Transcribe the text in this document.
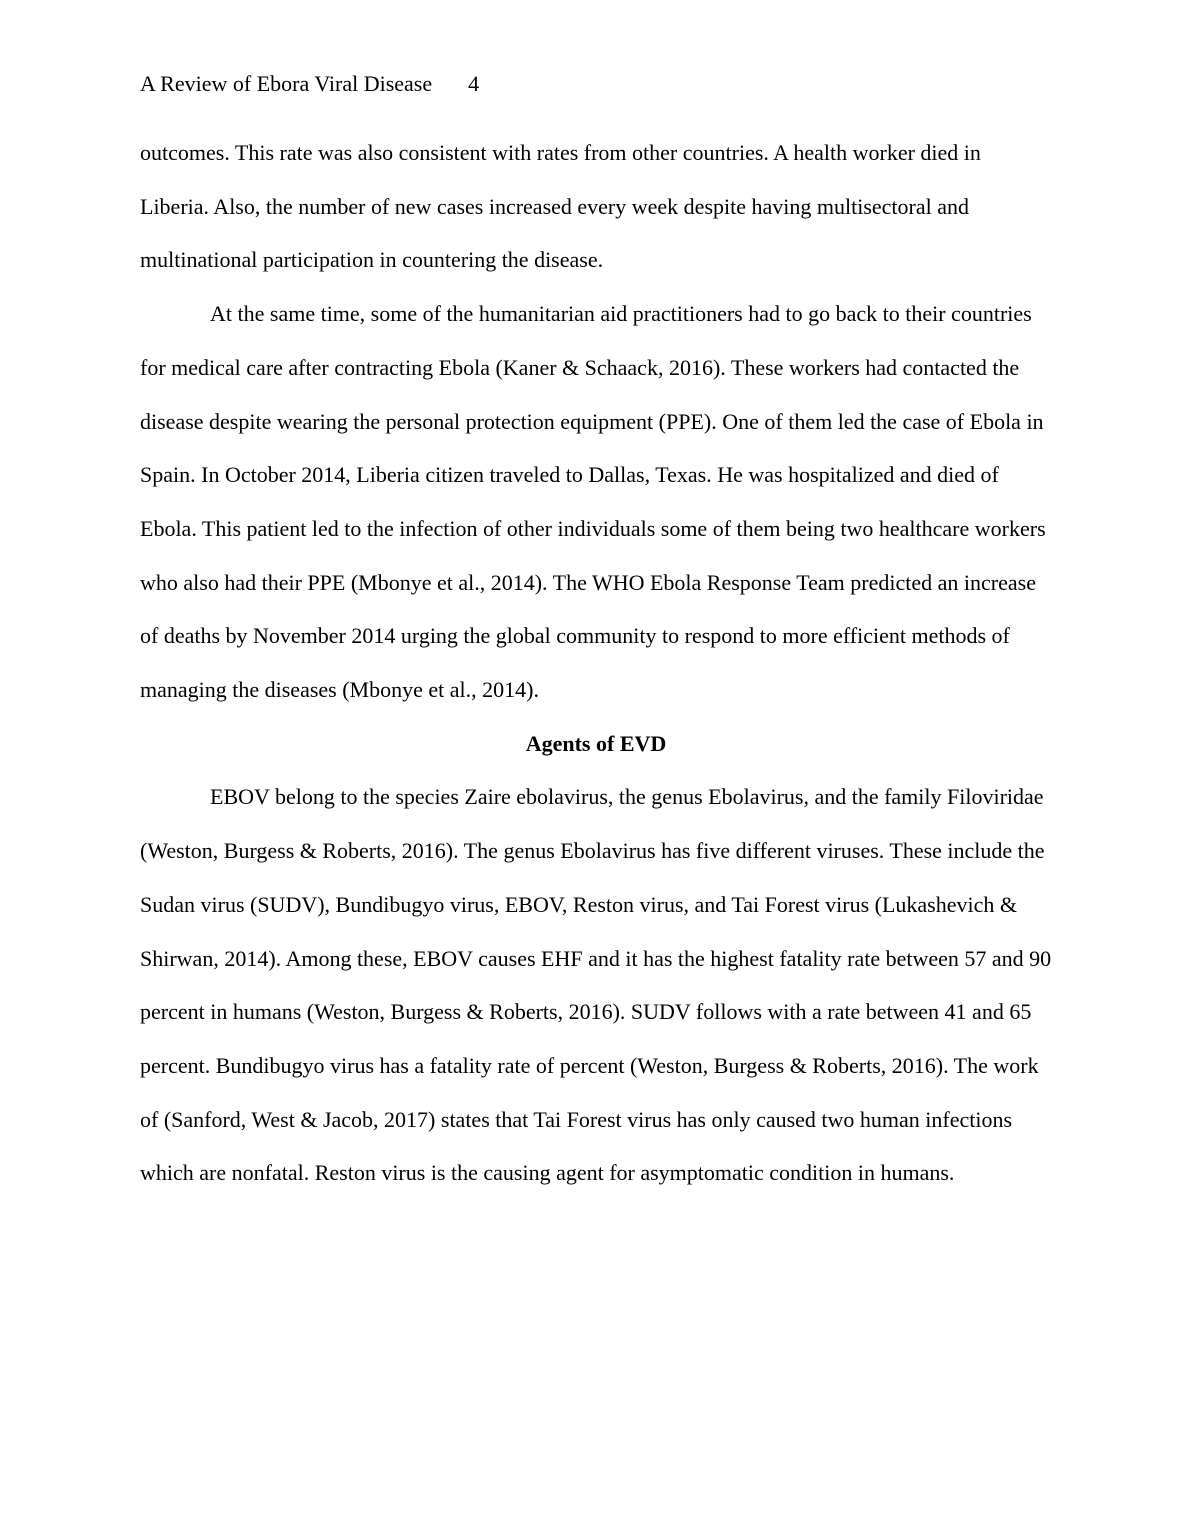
A Review of Ebora Viral Disease 4

outcomes. This rate was also consistent with rates from other countries. A health worker died in Liberia. Also, the number of new cases increased every week despite having multisectoral and multinational participation in countering the disease.

At the same time, some of the humanitarian aid practitioners had to go back to their countries for medical care after contracting Ebola (Kaner & Schaack, 2016). These workers had contacted the disease despite wearing the personal protection equipment (PPE). One of them led the case of Ebola in Spain. In October 2014, Liberia citizen traveled to Dallas, Texas. He was hospitalized and died of Ebola. This patient led to the infection of other individuals some of them being two healthcare workers who also had their PPE (Mbonye et al., 2014). The WHO Ebola Response Team predicted an increase of deaths by November 2014 urging the global community to respond to more efficient methods of managing the diseases (Mbonye et al., 2014).

Agents of EVD

EBOV belong to the species Zaire ebolavirus, the genus Ebolavirus, and the family Filoviridae (Weston, Burgess & Roberts, 2016). The genus Ebolavirus has five different viruses. These include the Sudan virus (SUDV), Bundibugyo virus, EBOV, Reston virus, and Tai Forest virus (Lukashevich & Shirwan, 2014). Among these, EBOV causes EHF and it has the highest fatality rate between 57 and 90 percent in humans (Weston, Burgess & Roberts, 2016). SUDV follows with a rate between 41 and 65 percent. Bundibugyo virus has a fatality rate of percent (Weston, Burgess & Roberts, 2016). The work of (Sanford, West & Jacob, 2017) states that Tai Forest virus has only caused two human infections which are nonfatal. Reston virus is the causing agent for asymptomatic condition in humans.
